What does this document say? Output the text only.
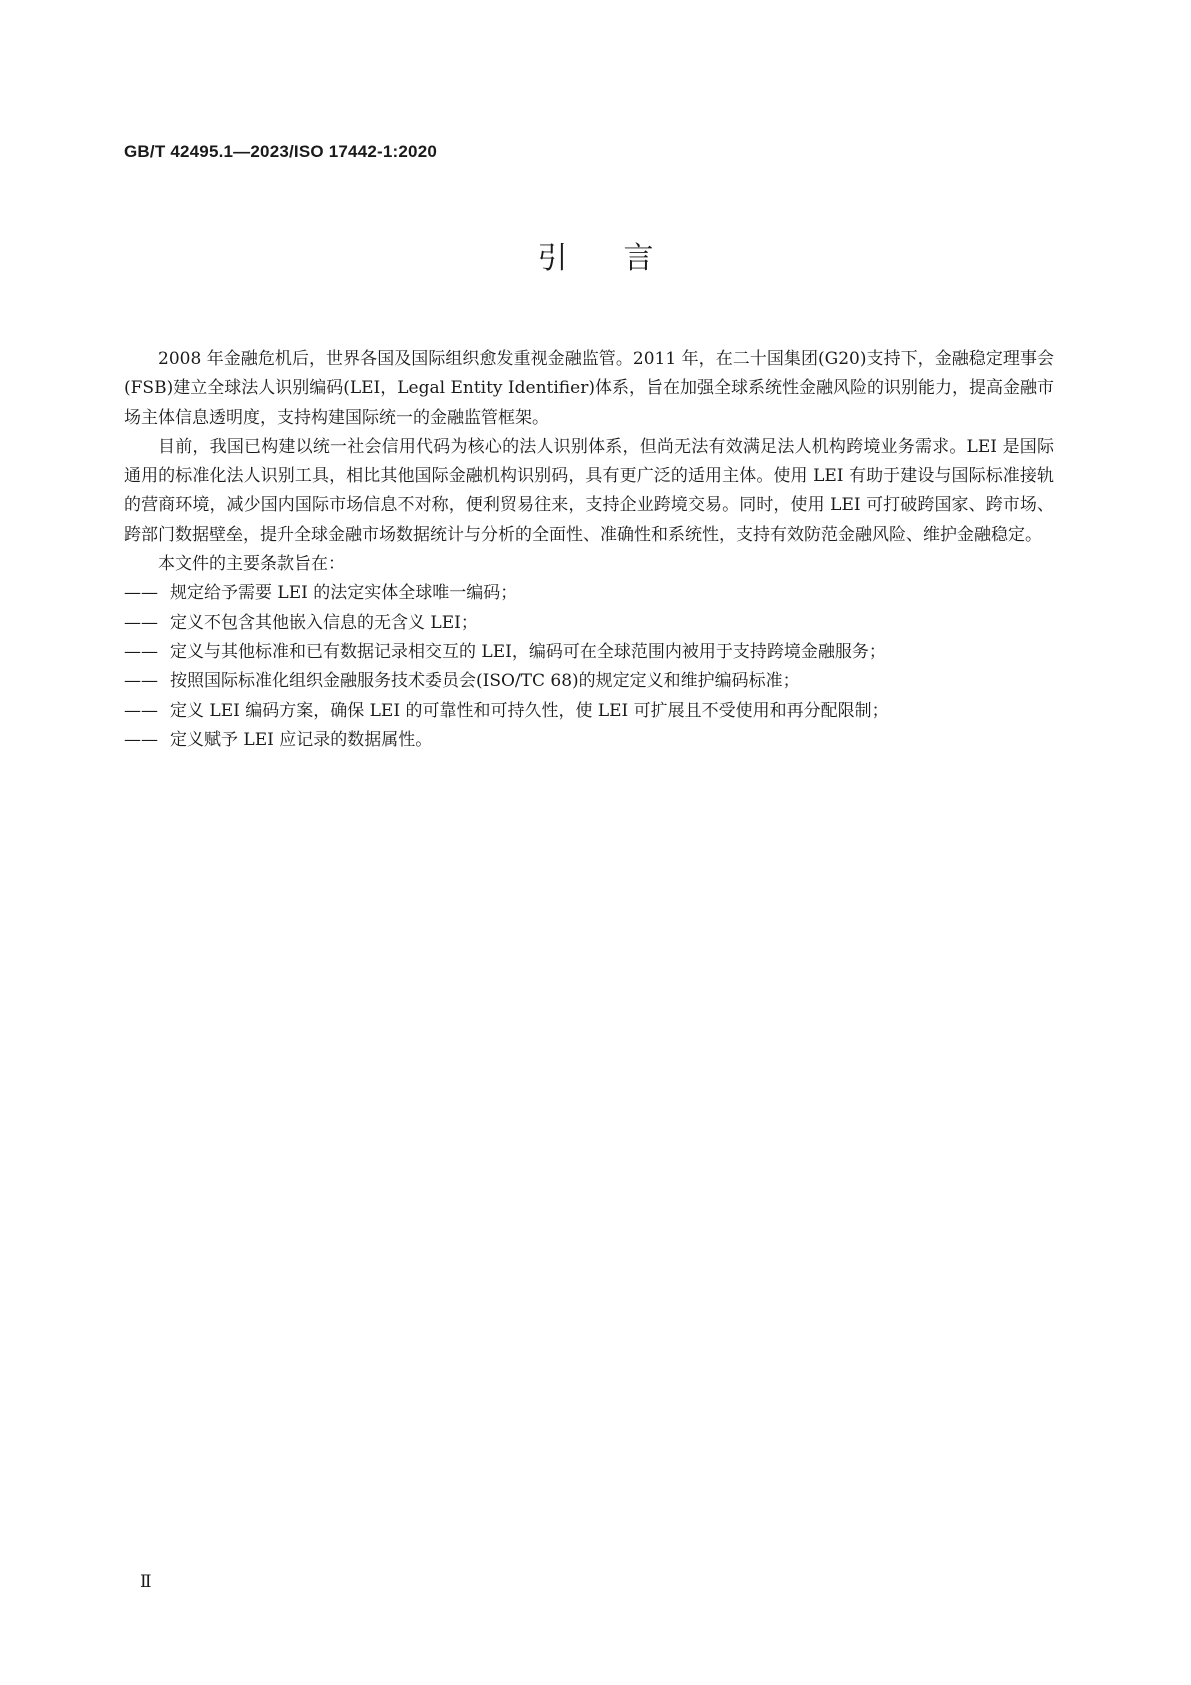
GB/T 42495.1—2023/ISO 17442-1:2020
引言

2008 年金融危机后，世界各国及国际组织愈发重视金融监管。2011 年，在二十国集团(G20)支持下，金融稳定理事会(FSB)建立全球法人识别编码(LEI，Legal Entity Identifier)体系，旨在加强全球系统性金融风险的识别能力，提高金融市场主体信息透明度，支持构建国际统一的金融监管框架。

目前，我国已构建以统一社会信用代码为核心的法人识别体系，但尚无法有效满足法人机构跨境业务需求。LEI 是国际通用的标准化法人识别工具，相比其他国际金融机构识别码，具有更广泛的适用主体。使用 LEI 有助于建设与国际标准接轨的营商环境，减少国内国际市场信息不对称，便利贸易往来，支持企业跨境交易。同时，使用 LEI 可打破跨国家、跨市场、跨部门数据壁垒，提升全球金融市场数据统计与分析的全面性、准确性和系统性，支持有效防范金融风险、维护金融稳定。

本文件的主要条款旨在：

—— 规定给予需要 LEI 的法定实体全球唯一编码；
—— 定义不包含其他嵌入信息的无含义 LEI；
—— 定义与其他标准和已有数据记录相交互的 LEI，编码可在全球范围内被用于支持跨境金融服务；
—— 按照国际标准化组织金融服务技术委员会(ISO/TC 68)的规定定义和维护编码标准；
—— 定义 LEI 编码方案，确保 LEI 的可靠性和可持久性，使 LEI 可扩展且不受使用和再分配限制；
—— 定义赋予 LEI 应记录的数据属性。
Ⅱ
